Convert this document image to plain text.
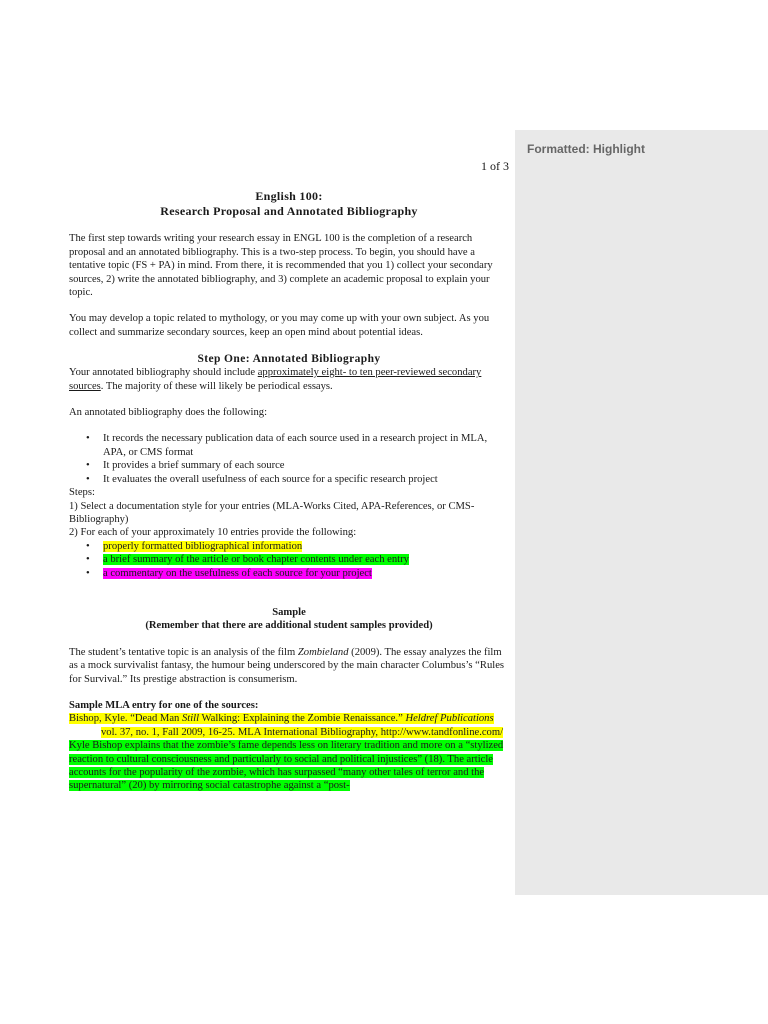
Formatted: Highlight
1 of 3
English 100:
Research Proposal and Annotated Bibliography

The first step towards writing your research essay in ENGL 100 is the completion of a research proposal and an annotated bibliography. This is a two-step process. To begin, you should have a tentative topic (FS + PA) in mind. From there, it is recommended that you 1) collect your secondary sources, 2) write the annotated bibliography, and 3) complete an academic proposal to explain your topic.

You may develop a topic related to mythology, or you may come up with your own subject. As you collect and summarize secondary sources, keep an open mind about potential ideas.

Step One: Annotated Bibliography

Your annotated bibliography should include approximately eight- to ten peer-reviewed secondary sources. The majority of these will likely be periodical essays.

An annotated bibliography does the following:

• It records the necessary publication data of each source used in a research project in MLA, APA, or CMS format
• It provides a brief summary of each source
• It evaluates the overall usefulness of each source for a specific research project

Steps:

1) Select a documentation style for your entries (MLA-Works Cited, APA-References, or CMS-Bibliography)

2) For each of your approximately 10 entries provide the following:

• properly formatted bibliographical information
• a brief summary of the article or book chapter contents under each entry
• a commentary on the usefulness of each source for your project

Sample

(Remember that there are additional student samples provided)

The student’s tentative topic is an analysis of the film Zombieland (2009). The essay analyzes the film as a mock survivalist fantasy, the humour being underscored by the main character Columbus’s “Rules for Survival.” Its prestige abstraction is consumerism.

Sample MLA entry for one of the sources:

Bishop, Kyle. “Dead Man Still Walking: Explaining the Zombie Renaissance.” Heldref Publications vol. 37, no. 1, Fall 2009, 16-25. MLA International Bibliography, http://www.tandfonline.com/

Kyle Bishop explains that the zombie’s fame depends less on literary tradition and more on a “stylized reaction to cultural consciousness and particularly to social and political injustices” (18). The article accounts for the popularity of the zombie, which has surpassed “many other tales of terror and the supernatural” (20) by mirroring social catastrophe against a “post-
